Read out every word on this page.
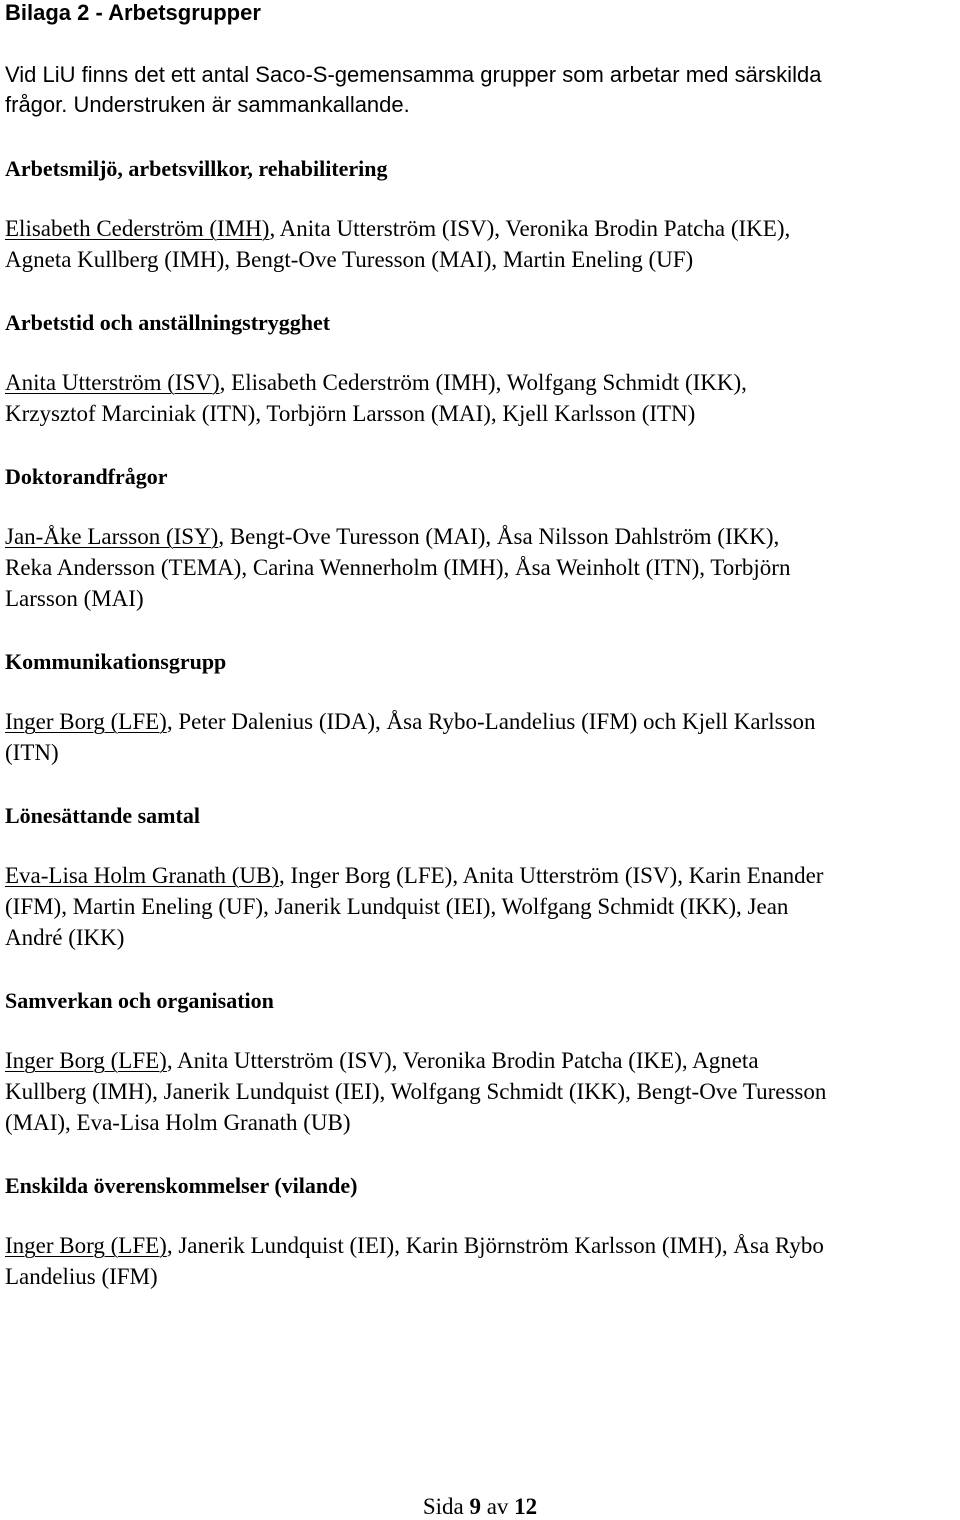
Bilaga 2 - Arbetsgrupper

Vid LiU finns det ett antal Saco-S-gemensamma grupper som arbetar med särskilda

frågor. Understruken är sammankallande.

Arbetsmiljö, arbetsvillkor, rehabilitering

Elisabeth Cederström (IMH), Anita Utterström (ISV), Veronika Brodin Patcha (IKE),

Agneta Kullberg (IMH), Bengt-Ove Turesson (MAI), Martin Eneling (UF)

Arbetstid och anställningstrygghet

Anita Utterström (ISV), Elisabeth Cederström (IMH), Wolfgang Schmidt (IKK),

Krzysztof Marciniak (ITN), Torbjörn Larsson (MAI), Kjell Karlsson (ITN)

Doktorandfrågor

Jan-Åke Larsson (ISY), Bengt-Ove Turesson (MAI), Åsa Nilsson Dahlström (IKK),

Reka Andersson (TEMA), Carina Wennerholm (IMH), Åsa Weinholt (ITN), Torbjörn

Larsson (MAI)

Kommunikationsgrupp

Inger Borg (LFE), Peter Dalenius (IDA), Åsa Rybo-Landelius (IFM) och Kjell Karlsson

(ITN)

Lönesättande samtal

Eva-Lisa Holm Granath (UB), Inger Borg (LFE), Anita Utterström (ISV), Karin Enander

(IFM), Martin Eneling (UF), Janerik Lundquist (IEI), Wolfgang Schmidt (IKK), Jean

André (IKK)

Samverkan och organisation

Inger Borg (LFE), Anita Utterström (ISV), Veronika Brodin Patcha (IKE), Agneta

Kullberg (IMH), Janerik Lundquist (IEI), Wolfgang Schmidt (IKK), Bengt-Ove Turesson

(MAI), Eva-Lisa Holm Granath (UB)

Enskilda överenskommelser (vilande)

Inger Borg (LFE), Janerik Lundquist (IEI), Karin Björnström Karlsson (IMH), Åsa Rybo

Landelius (IFM)

Sida 9 av 12
